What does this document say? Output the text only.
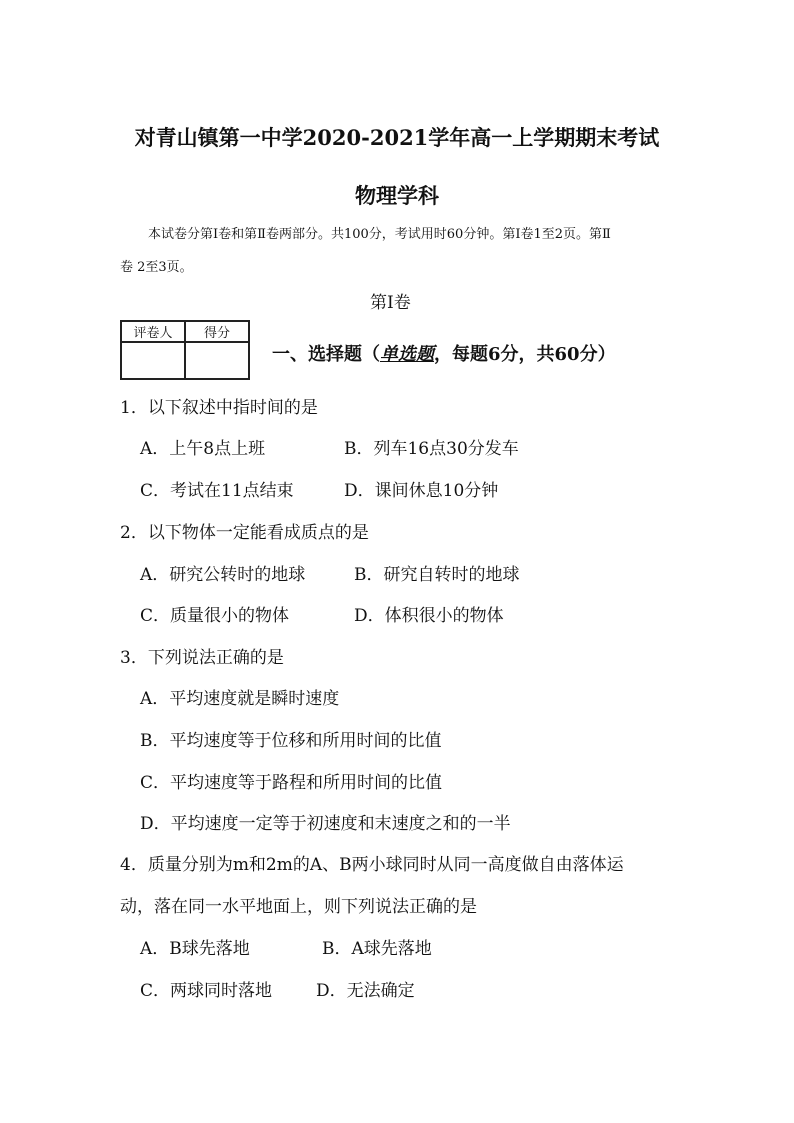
对青山镇第一中学2020-2021学年高一上学期期末考试
物理学科
本试卷分第Ⅰ卷和第Ⅱ卷两部分。共100分，考试用时60分钟。第Ⅰ卷1至2页。第Ⅱ
卷 2至3页。
第Ⅰ卷
评卷人	得分

一、选择题（单选题，每题6分，共60分）
1．以下叙述中指时间的是
A．上午8点上班	B．列车16点30分发车
C．考试在11点结束	D．课间休息10分钟
2．以下物体一定能看成质点的是
A．研究公转时的地球	B．研究自转时的地球
C．质量很小的物体	D．体积很小的物体
3．下列说法正确的是
A．平均速度就是瞬时速度
B．平均速度等于位移和所用时间的比值
C．平均速度等于路程和所用时间的比值
D．平均速度一定等于初速度和末速度之和的一半
4．质量分别为m和2m的A、B两小球同时从同一高度做自由落体运
动，落在同一水平地面上，则下列说法正确的是
A．B球先落地	B．A球先落地
C．两球同时落地	D．无法确定
